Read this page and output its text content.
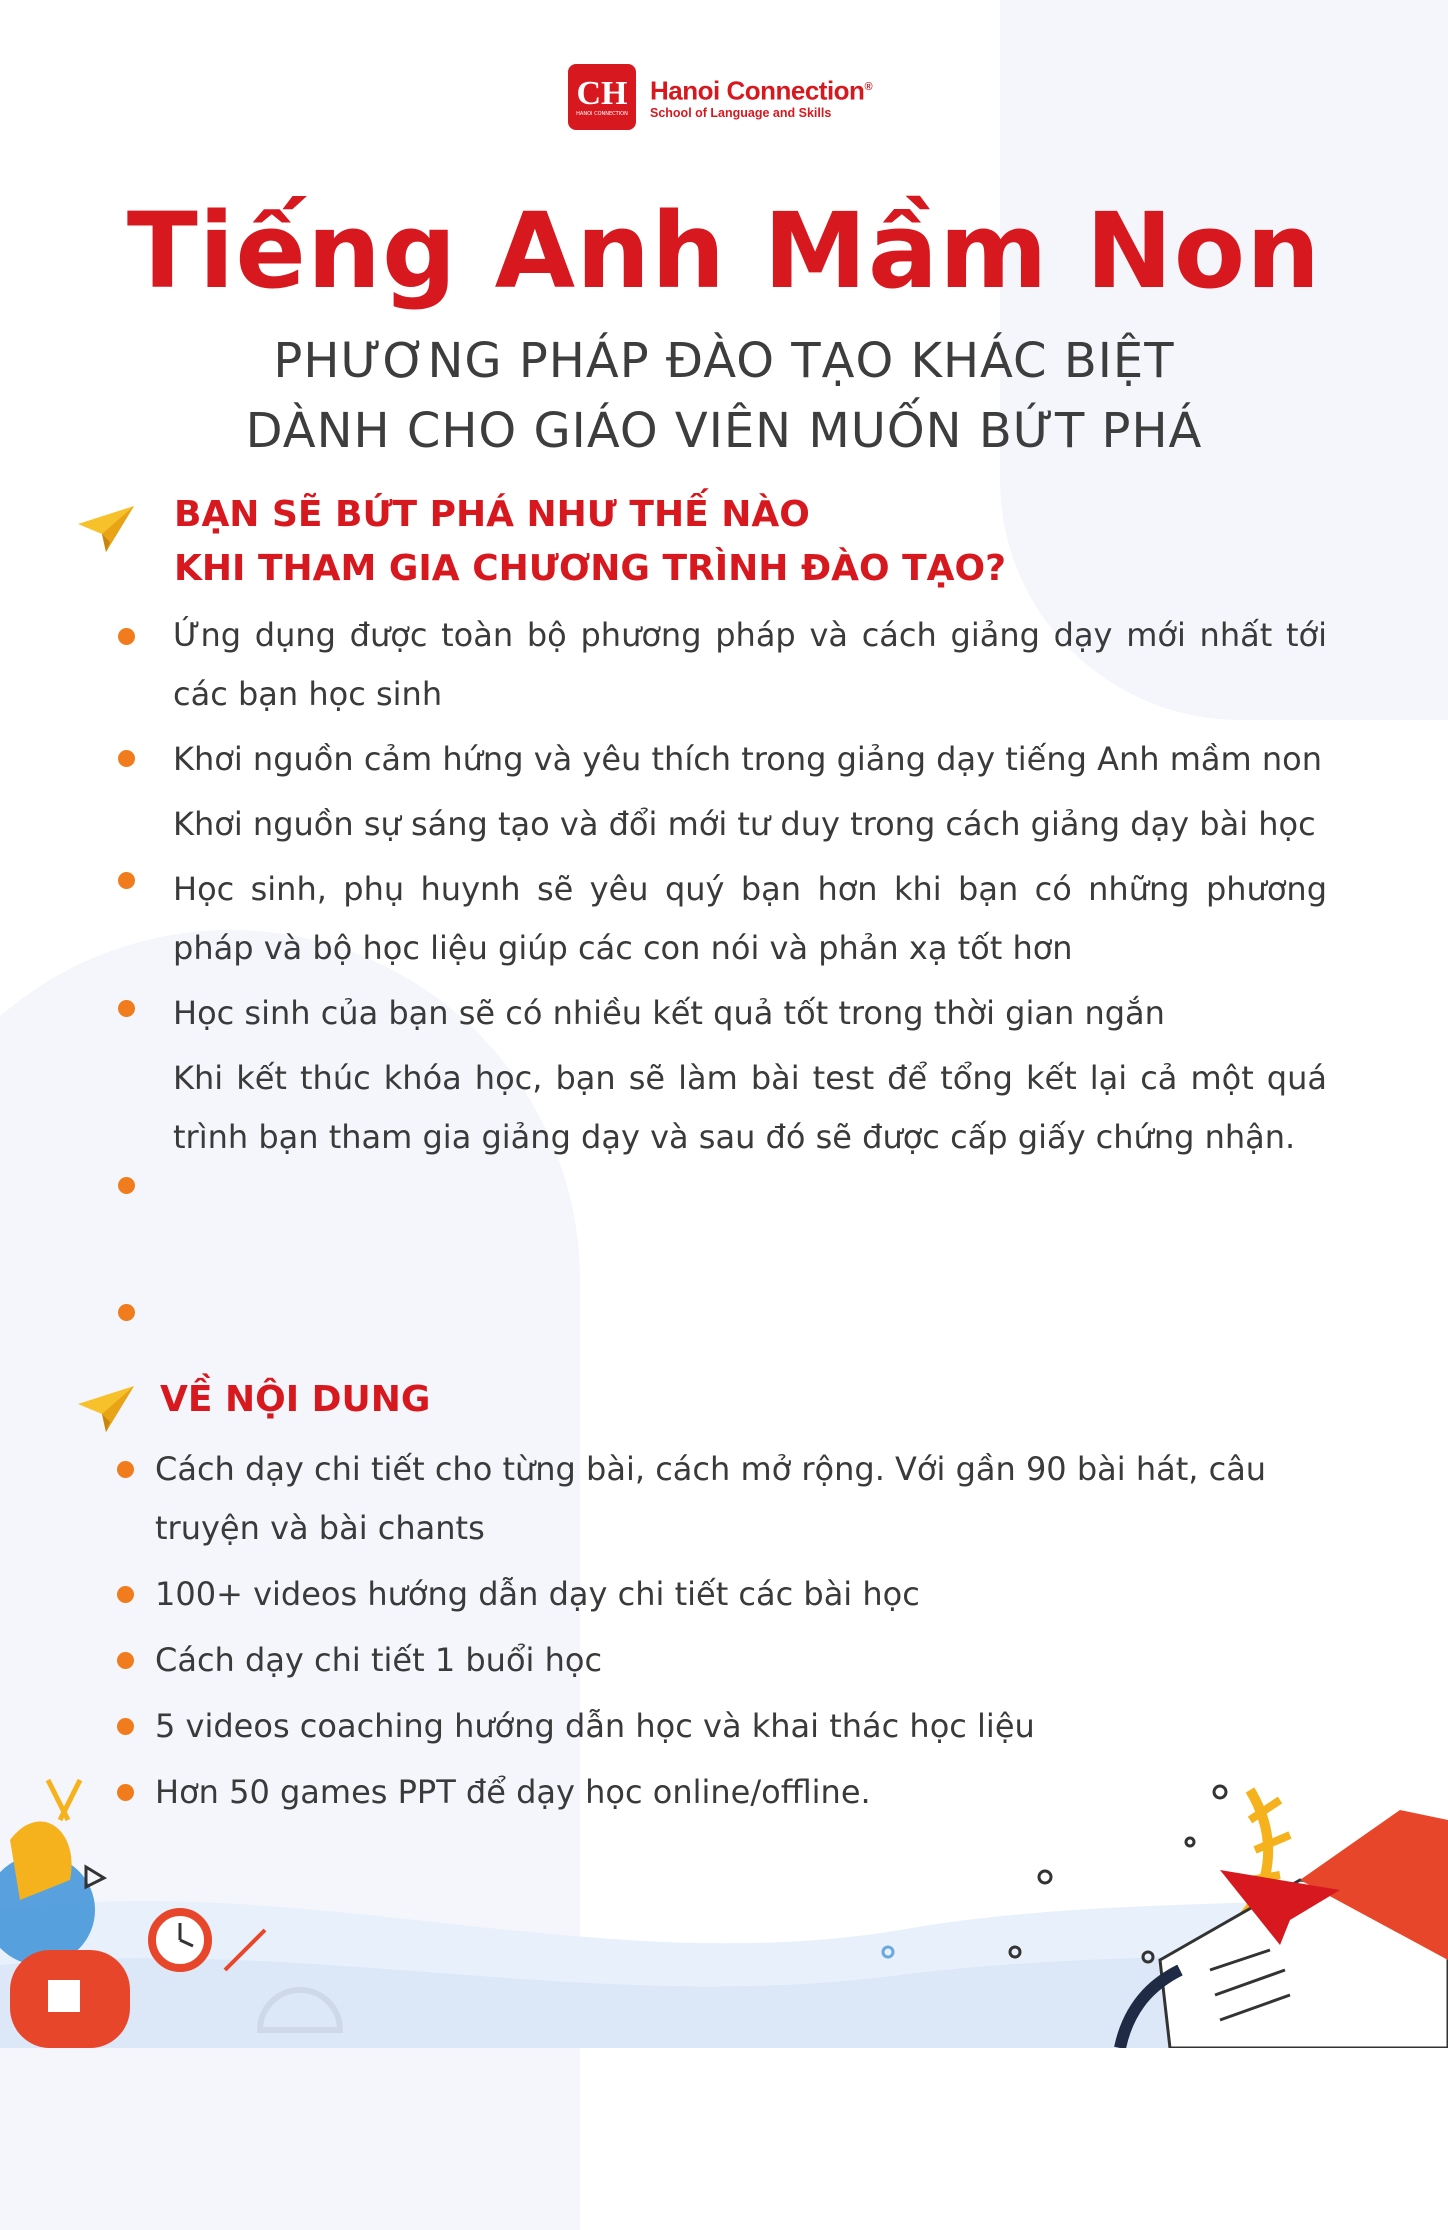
CH
HANOI CONNECTION
Hanoi Connection®
School of Language and Skills
Tiếng Anh Mầm Non
PHƯƠNG PHÁP ĐÀO TẠO KHÁC BIỆT
DÀNH CHO GIÁO VIÊN MUỐN BỨT PHÁ
BẠN SẼ BỨT PHÁ NHƯ THẾ NÀO
KHI THAM GIA CHƯƠNG TRÌNH ĐÀO TẠO?
Ứng dụng được toàn bộ phương pháp và cách giảng dạy mới nhất tới các bạn học sinh
Khơi nguồn cảm hứng và yêu thích trong giảng dạy tiếng Anh mầm non
Khơi nguồn sự sáng tạo và đổi mới tư duy trong cách giảng dạy bài học
Học sinh, phụ huynh sẽ yêu quý bạn hơn khi bạn có những phương pháp và bộ học liệu giúp các con nói và phản xạ tốt hơn
Học sinh của bạn sẽ có nhiều kết quả tốt trong thời gian ngắn
Khi kết thúc khóa học, bạn sẽ làm bài test để tổng kết lại cả một quá trình bạn tham gia giảng dạy và sau đó sẽ được cấp giấy chứng nhận.
VỀ NỘI DUNG
Cách dạy chi tiết cho từng bài, cách mở rộng. Với gần 90 bài hát, câu truyện và bài chants
100+ videos hướng dẫn dạy chi tiết các bài học
Cách dạy chi tiết 1 buổi học
5 videos coaching hướng dẫn học và khai thác học liệu
Hơn 50 games PPT để dạy học online/offline.
